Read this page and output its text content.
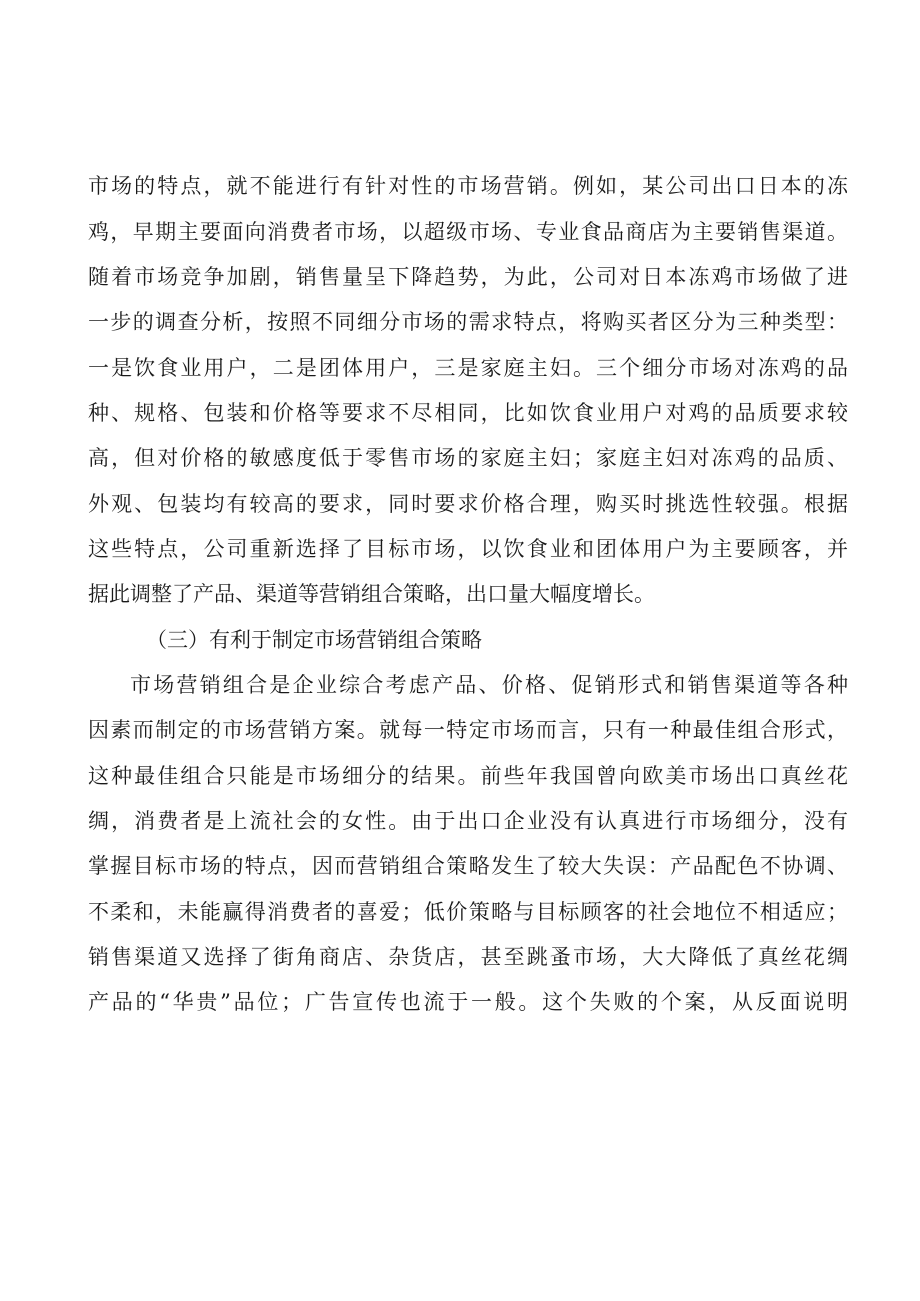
市场的特点，就不能进行有针对性的市场营销。例如，某公司出口日本的冻
鸡，早期主要面向消费者市场，以超级市场、专业食品商店为主要销售渠道。
随着市场竞争加剧，销售量呈下降趋势，为此，公司对日本冻鸡市场做了进
一步的调查分析，按照不同细分市场的需求特点，将购买者区分为三种类型：
一是饮食业用户，二是团体用户，三是家庭主妇。三个细分市场对冻鸡的品
种、规格、包装和价格等要求不尽相同，比如饮食业用户对鸡的品质要求较
高，但对价格的敏感度低于零售市场的家庭主妇；家庭主妇对冻鸡的品质、
外观、包装均有较高的要求，同时要求价格合理，购买时挑选性较强。根据
这些特点，公司重新选择了目标市场，以饮食业和团体用户为主要顾客，并
据此调整了产品、渠道等营销组合策略，出口量大幅度增长。
（三）有利于制定市场营销组合策略
市场营销组合是企业综合考虑产品、价格、促销形式和销售渠道等各种
因素而制定的市场营销方案。就每一特定市场而言，只有一种最佳组合形式，
这种最佳组合只能是市场细分的结果。前些年我国曾向欧美市场出口真丝花
绸，消费者是上流社会的女性。由于出口企业没有认真进行市场细分，没有
掌握目标市场的特点，因而营销组合策略发生了较大失误：产品配色不协调、
不柔和，未能赢得消费者的喜爱；低价策略与目标顾客的社会地位不相适应；
销售渠道又选择了街角商店、杂货店，甚至跳蚤市场，大大降低了真丝花绸
产品的“华贵”品位；广告宣传也流于一般。这个失败的个案，从反面说明
